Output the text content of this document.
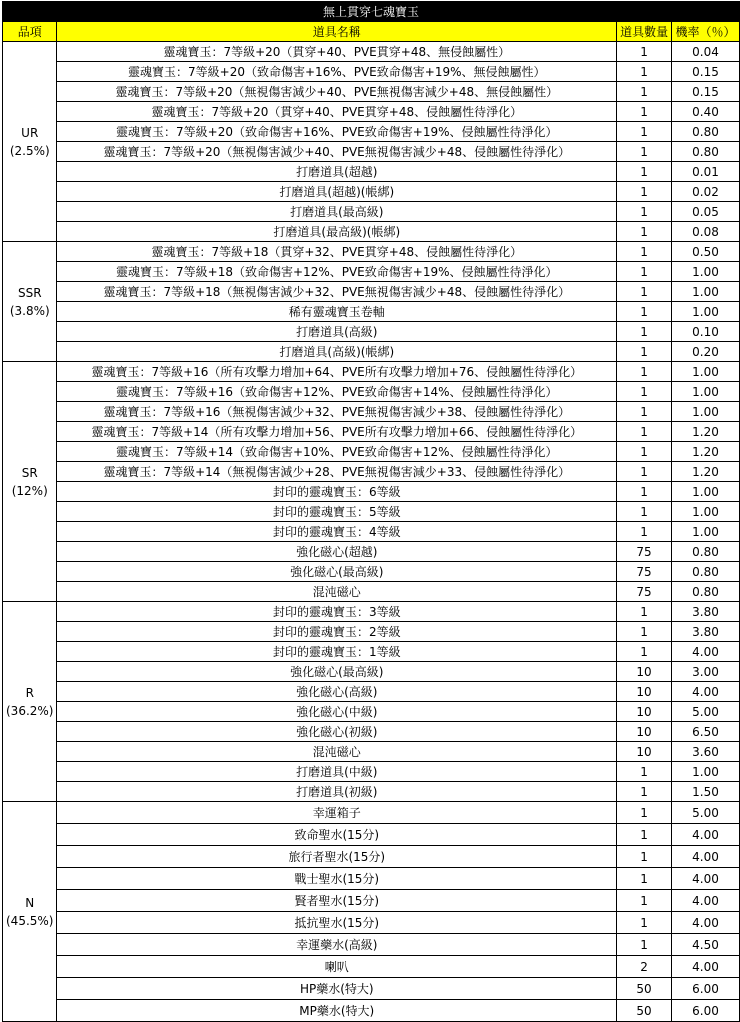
無上貫穿七魂寶玉			
品項	道具名稱	道具數量	機率（％）

UR
(2.5%)	靈魂寶玉：7等級+20（貫穿+40、PVE貫穿+48、無侵蝕屬性）	1	0.04
	靈魂寶玉：7等級+20（致命傷害+16%、PVE致命傷害+19%、無侵蝕屬性）	1	0.15
	靈魂寶玉：7等級+20（無視傷害減少+40、PVE無視傷害減少+48、無侵蝕屬性）	1	0.15
	靈魂寶玉：7等級+20（貫穿+40、PVE貫穿+48、侵蝕屬性待淨化）	1	0.40
	靈魂寶玉：7等級+20（致命傷害+16%、PVE致命傷害+19%、侵蝕屬性待淨化）	1	0.80
	靈魂寶玉：7等級+20（無視傷害減少+40、PVE無視傷害減少+48、侵蝕屬性待淨化）	1	0.80
	打磨道具(超越)	1	0.01
	打磨道具(超越)(帳綁)	1	0.02
	打磨道具(最高級)	1	0.05
	打磨道具(最高級)(帳綁)	1	0.08

SSR
(3.8%)	靈魂寶玉：7等級+18（貫穿+32、PVE貫穿+48、侵蝕屬性待淨化）	1	0.50
	靈魂寶玉：7等級+18（致命傷害+12%、PVE致命傷害+19%、侵蝕屬性待淨化）	1	1.00
	靈魂寶玉：7等級+18（無視傷害減少+32、PVE無視傷害減少+48、侵蝕屬性待淨化）	1	1.00
	稀有靈魂寶玉卷軸	1	1.00
	打磨道具(高級)	1	0.10
	打磨道具(高級)(帳綁)	1	0.20

SR
(12%)	靈魂寶玉：7等級+16（所有攻擊力增加+64、PVE所有攻擊力增加+76、侵蝕屬性待淨化）	1	1.00
	靈魂寶玉：7等級+16（致命傷害+12%、PVE致命傷害+14%、侵蝕屬性待淨化）	1	1.00
	靈魂寶玉：7等級+16（無視傷害減少+32、PVE無視傷害減少+38、侵蝕屬性待淨化）	1	1.00
	靈魂寶玉：7等級+14（所有攻擊力增加+56、PVE所有攻擊力增加+66、侵蝕屬性待淨化）	1	1.20
	靈魂寶玉：7等級+14（致命傷害+10%、PVE致命傷害+12%、侵蝕屬性待淨化）	1	1.20
	靈魂寶玉：7等級+14（無視傷害減少+28、PVE無視傷害減少+33、侵蝕屬性待淨化）	1	1.20
	封印的靈魂寶玉：6等級	1	1.00
	封印的靈魂寶玉：5等級	1	1.00
	封印的靈魂寶玉：4等級	1	1.00
	強化磁心(超越)	75	0.80
	強化磁心(最高級)	75	0.80
	混沌磁心	75	0.80

R
(36.2%)	封印的靈魂寶玉：3等級	1	3.80
	封印的靈魂寶玉：2等級	1	3.80
	封印的靈魂寶玉：1等級	1	4.00
	強化磁心(最高級)	10	3.00
	強化磁心(高級)	10	4.00
	強化磁心(中級)	10	5.00
	強化磁心(初級)	10	6.50
	混沌磁心	10	3.60
	打磨道具(中級)	1	1.00
	打磨道具(初級)	1	1.50

N
(45.5%)	幸運箱子	1	5.00
	致命聖水(15分)	1	4.00
	旅行者聖水(15分)	1	4.00
	戰士聖水(15分)	1	4.00
	賢者聖水(15分)	1	4.00
	抵抗聖水(15分)	1	4.00
	幸運藥水(高級)	1	4.50
	喇叭	2	4.00
	HP藥水(特大)	50	6.00
	MP藥水(特大)	50	6.00
